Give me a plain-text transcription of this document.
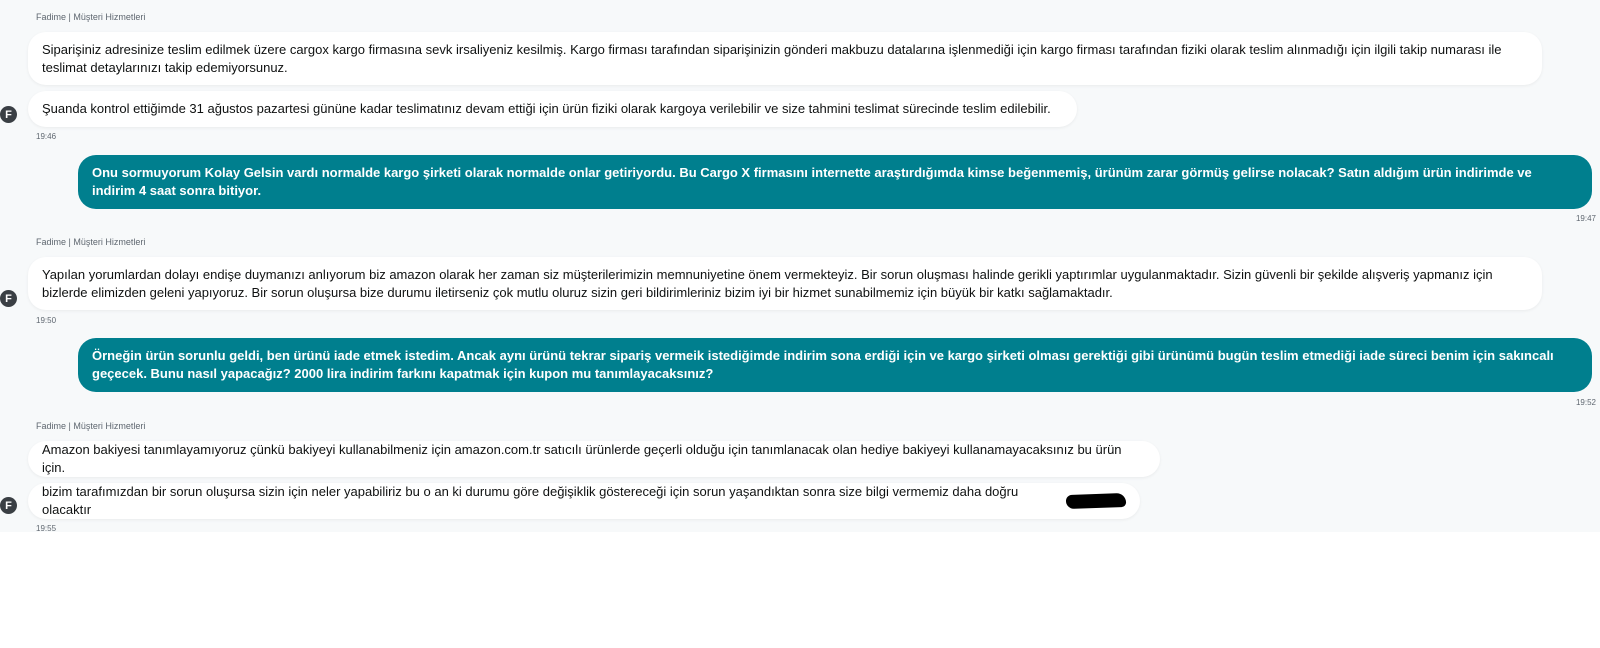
Fadime | Müşteri Hizmetleri
Siparişiniz adresinize teslim edilmek üzere cargox kargo firmasına sevk irsaliyeniz kesilmiş. Kargo firması tarafından siparişinizin gönderi makbuzu datalarına işlenmediği için kargo firması tarafından fiziki olarak teslim alınmadığı için ilgili takip numarası ile teslimat detaylarınızı takip edemiyorsunuz.
Şuanda kontrol ettiğimde 31 ağustos pazartesi gününe kadar teslimatınız devam ettiği için ürün fiziki olarak kargoya verilebilir ve size tahmini teslimat sürecinde teslim edilebilir.
F
19:46
Onu sormuyorum Kolay Gelsin vardı normalde kargo şirketi olarak normalde onlar getiriyordu. Bu Cargo X firmasını internette araştırdığımda kimse beğenmemiş, ürünüm zarar görmüş gelirse nolacak? Satın aldığım ürün indirimde ve indirim 4 saat sonra bitiyor.
19:47
Fadime | Müşteri Hizmetleri
Yapılan yorumlardan dolayı endişe duymanızı anlıyorum biz amazon olarak her zaman siz müşterilerimizin memnuniyetine önem vermekteyiz. Bir sorun oluşması halinde gerikli yaptırımlar uygulanmaktadır. Sizin güvenli bir şekilde alışveriş yapmanız için bizlerde elimizden geleni yapıyoruz. Bir sorun oluşursa bize durumu iletirseniz çok mutlu oluruz sizin geri bildirimleriniz bizim iyi bir hizmet sunabilmemiz için büyük bir katkı sağlamaktadır.
F
19:50
Örneğin ürün sorunlu geldi, ben ürünü iade etmek istedim. Ancak aynı ürünü tekrar sipariş vermeik istediğimde indirim sona erdiği için ve kargo şirketi olması gerektiği gibi ürünümü bugün teslim etmediği iade süreci benim için sakıncalı geçecek. Bunu nasıl yapacağız? 2000 lira indirim farkını kapatmak için kupon mu tanımlayacaksınız?
19:52
Fadime | Müşteri Hizmetleri
Amazon bakiyesi tanımlayamıyoruz çünkü bakiyeyi kullanabilmeniz için amazon.com.tr satıcılı ürünlerde geçerli olduğu için tanımlanacak olan hediye bakiyeyi kullanamayacaksınız bu ürün için.
bizim tarafımızdan bir sorun oluşursa sizin için neler yapabiliriz bu o an ki durumu göre değişiklik göstereceği için sorun yaşandıktan sonra size bilgi vermemiz daha doğru olacaktır
F
19:55
